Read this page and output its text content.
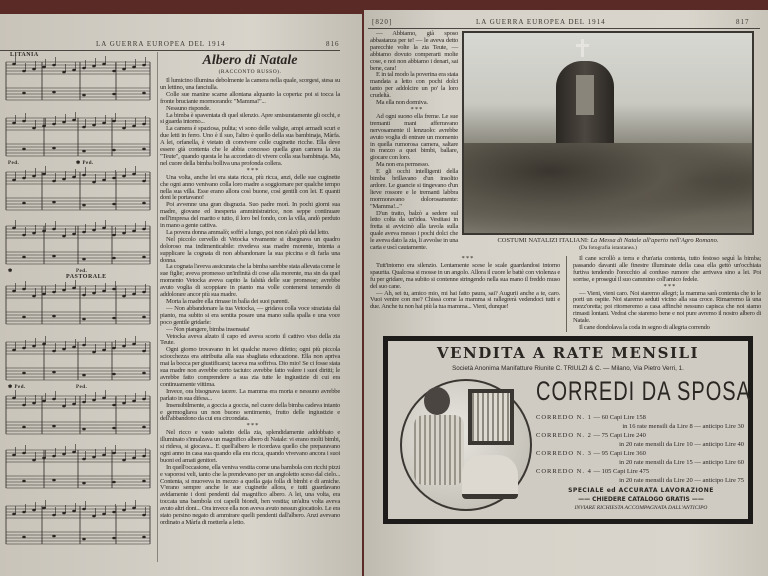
LA GUERRA EUROPEA DEL 1914	816
LITANIA
PASTORALE
Ped.	✽ Ped.
✽	Ped.
✽ Ped.	Ped.
Albero di Natale
(RACCONTO RUSSO).

Il lumicino illumina debolmente la camera nella quale, scorgesi, stesa su un lettino, una fanciulla.

Colle sue manine scarne allontana alquanto la coperta: poi si tocca la fronte bruciante mormorando: "Mamma!"...

Nessuno risponde.

La bimba è spaventata di quel silenzio. Apre smisuratamente gli occhi, e si guarda intorno...

La camera è spaziosa, pulita; vi sono delle valigie, ampi armadi scuri e due letti in ferro. Uno è il suo, l'altro è quello della sua bambinaja, Màrfa. A lei, orfanella, è vietato di convivere colle cuginette ricche. Ella deve essere già contenta che le abbia concesso quella gran camera la zia "Teute", quando questa le ha accordato di vivere colla sua bambinaja. Ma, nel cuore della bimba bolliva una profonda collera.

***

Una volta, anche lei era stata ricca, più ricca, anzi, delle sue cuginette che ogni anno venivano colla loro madre a soggiornare per qualche tempo nella sua villa. Esse erano allora così buone, così gentili con lei. E quanti doni le portavano!

Poi avvenne una gran disgrazia. Suo padre morì. In pochi giorni sua madre, giovane ed inesperta amministratrice, non seppe continuare nell'impresa del marito e tutto, il loro bel fondo, con la villa, andò perduto in mano a gente cattiva.

La povera donna ammalò; soffrì a lungo, poi non s'alzò più dal letto.

Nel piccolo cervello di Vetocka vivamente si disegnava un quadro doloroso ma indimenticabile: rivedeva sua madre morente, intenta a supplicare la cognata di non abbandonare la sua piccina e di farla una donna.

La cognata l'aveva assicurata che la bimba sarebbe stata allevata come le sue figlie; aveva promesso un'infinità di cose alla morente, ma sin da quel momento Vetocka aveva capito la falsità delle sue promesse; avrebbe avuto voglia di scoppiare in pianto ma volle contenersi temendo di addolorare ancor più sua madre.

Morta la madre ella rimase in balìa dei suoi parenti.

— Non abbandonare la tua Vetocka, — gridava colla voce straziata dal pianto, ma subito si era sentita posare una mano sulla spalla e una voce poco gentile gridarle:

— Non piangere, bimba insensata!

Vetocka aveva alzato il capo ed aveva scorto il cattivo viso della zia Teute.

Ogni giorno trovavano in lei qualche nuovo difetto; ogni più piccola sciocchezza era attribuita alla sua sbagliata educazione. Ella non apriva mai la bocca per giustificarsi; taceva ma soffriva. Dio mio! Se ci fosse stata sua madre non avrebbe certo taciuto: avrebbe fatto valere i suoi diritti; le avrebbe fatto comprendere a sua zia tutte le ingiustizie di cui era continuamente vittima.

Invece, ora bisognava tacere. La mamma era morta e nessuno avrebbe parlato in sua difesa...

Insensibilmente, a goccia a goccia, nel cuore della bimba cadeva intanto e germogliava un non buono sentimento, frutto delle ingiustizie e dell'abbandono da cui era circondata.

***

Nel ricco e vasto salotto della zia, splendidamente addobbato e illuminato s'innalzava un magnifico albero di Natale: vi erano molti bimbi, si rideva, si giocava... E quell'albero le ricordava quello che preparavano ogni anno in casa sua quando ella era ricca, quando vivevano ancora i suoi buoni ed amati genitori.

In quell'occasione, ella veniva vestita come una bambola con ricchi pizzi e vaporosi veli, tanto che la prendevano per un angioletto sceso dal cielo... Contenta, si muoveva in mezzo a quella gaja folla di bimbi e di amiche. V'erano sempre anche le sue cuginette allora, e tutti guardavano avidamente i doni pendenti dal magnifico albero. A lei, una volta, era toccata una bambola coi capelli biondi, ben vestita; un'altra volta aveva avuto altri doni... Ora invece ella non aveva avuto nessun giocattolo. Le era stato persino negato di ammirare quelli pendenti dall'albero. Anzi avevano ordinato a Màrfa di metterla a letto.

[820]	LA GUERRA EUROPEA DEL 1914	817

— Abbiamo, già sposo abbastanza per te! — le aveva detto parecchie volte la zia Teute, — abbiamo dovuto comperarti molte cose, e noi non abbiamo i denari, sai bene, cara!

E in tal modo la poverina era stata mandata a letto con pochi dolci tanto per addolcire un po' la loro crudeltà.

Ma ella non dormiva.

***

Ad ogni suono ella freme. Le sue tremanti mani afferravano nervosamente il lenzuolo: avrebbe avuto voglia di entrare un momento in quella rumorosa camera, saltare in mezzo a quei bimbi, ballare, giocare con loro.

Ma non era permesso.

E gli occhi intelligenti della bimba brillavano d'un insolito ardore. Le guancie si tingevano d'un lieve rossore e le tremanti labbra mormoravano dolorosamente: "Mamma!..."

D'un tratto, balzò a sedere sul letto colta da un'idea. Vestitasi in fretta si avvicinò alla tavola sulla quale aveva messo i pochi dolci che le aveva dato la zia, li avvolse in una carta e uscì cautamente.

COSTUMI NATALIZI ITALIANI: La Messa di Natale all'aperto nell'Agro Romano.
(Da fotografia istantanea.)

***

Tutt'intorno era silenzio. Lentamente scese le scale guardandosi intorno spaurita. Qualcosa si mosse in un angolo. Allora il cuore le battè con violenza e fu per gridare, ma subito si contenne stringendo nella sua mano il freddo muso del suo cane.

— Ah, sei tu, amico mio, mi hai fatto paura, sai? Augurii anche a te, caro. Vuoi venire con me? Chissà come la mamma si rallegrerà vedendoci tutti e due. Anche tu non hai più la tua mamma... Vieni, dunque!

Il cane scrollò a terra e d'un'aria contenta, tutto festoso seguì la bimba; passando davanti alle finestre illuminate della casa ella gettò un'occhiata furtiva tendendo l'orecchio al confuso rumore che arrivava sino a lei. Poi sorrise, e proseguì il suo cammino coll'amico fedele.

***

— Vieni, vieni caro. Noi staremo allegri; la mamma sarà contenta che io le porti un ospite. Noi staremo seduti vicino alla sua croce. Rimarremo là una mezz'oretta; poi ritorneremo a casa affinchè nessuno capisca che noi siamo rimasti lontani. Vedrai che staremo bene e noi pure avremo il nostro albero di Natale.

Il cane dondolava la coda in segno di allegria correndo

VENDITA A RATE MENSILI
Società Anonima Manifatture Riunite C. TRIULZI & C. — Milano, Via Pietro Verri, 1.
CORREDI DA SPOSA
CORREDO N. 1 — 60 Capi Lire 158
in 16 rate mensili da Lire 8 — anticipo Lire 30
CORREDO N. 2 — 75 Capi Lire 240
in 20 rate mensili da Lire 10 — anticipo Lire 40
CORREDO N. 3 — 95 Capi Lire 360
in 20 rate mensili da Lire 15 — anticipo Lire 60
CORREDO N. 4 — 105 Capi Lire 475
in 20 rate mensili da Lire 20 — anticipo Lire 75
SPECIALE ed ACCURATA LAVORAZIONE
—— CHIEDERE CATALOGO GRATIS ——
INVIARE RICHIESTA ACCOMPAGNATA DALL'ANTICIPO
